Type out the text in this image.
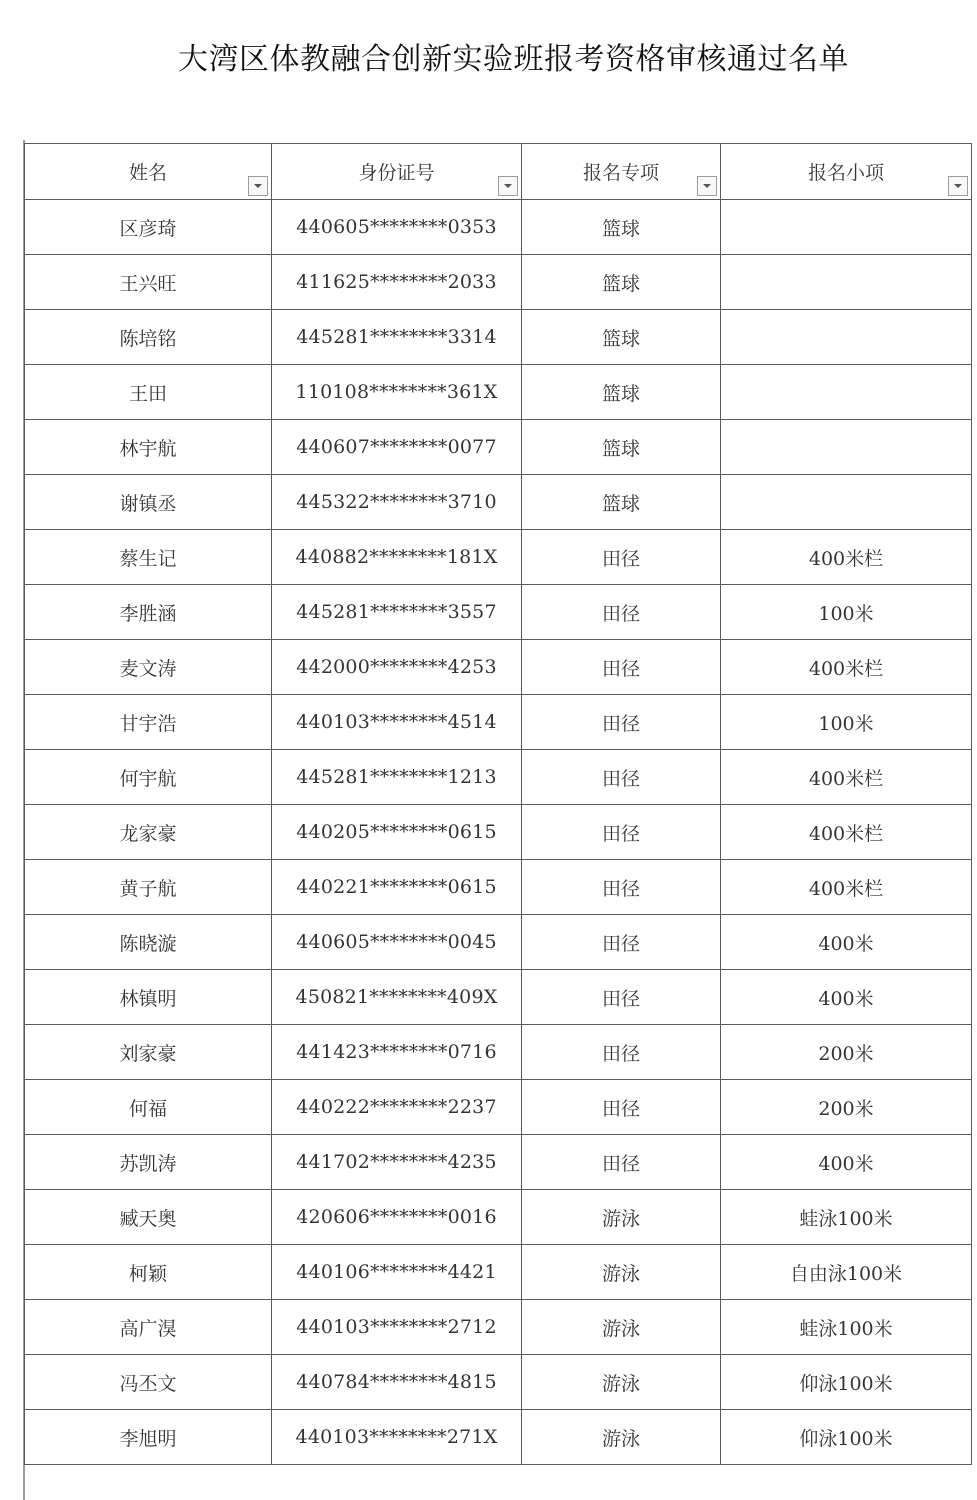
大湾区体教融合创新实验班报考资格审核通过名单
姓名	身份证号	报名专项	报名小项

区彦琦	440605********0353	篮球	
王兴旺	411625********2033	篮球	
陈培铭	445281********3314	篮球	
王田	110108********361X	篮球	
林宇航	440607********0077	篮球	
谢镇丞	445322********3710	篮球	
蔡生记	440882********181X	田径	400米栏
李胜涵	445281********3557	田径	100米
麦文涛	442000********4253	田径	400米栏
甘宇浩	440103********4514	田径	100米
何宇航	445281********1213	田径	400米栏
龙家豪	440205********0615	田径	400米栏
黄子航	440221********0615	田径	400米栏
陈晓漩	440605********0045	田径	400米
林镇明	450821********409X	田径	400米
刘家豪	441423********0716	田径	200米
何福	440222********2237	田径	200米
苏凯涛	441702********4235	田径	400米
臧天奥	420606********0016	游泳	蛙泳100米
柯颖	440106********4421	游泳	自由泳100米
高广湨	440103********2712	游泳	蛙泳100米
冯丕文	440784********4815	游泳	仰泳100米
李旭明	440103********271X	游泳	仰泳100米
